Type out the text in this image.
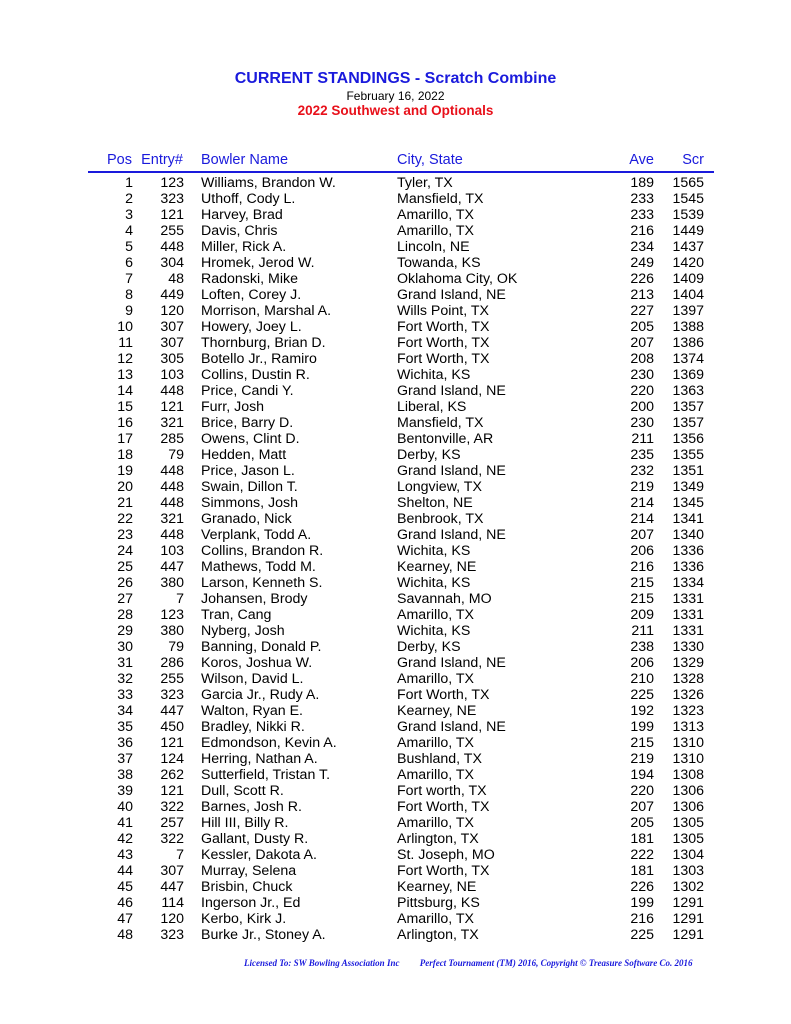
CURRENT STANDINGS - Scratch Combine
February 16, 2022
2022 Southwest and Optionals
Pos Entry# Bowler Name	City, State	Ave Scr
1 123 Williams, Brandon W.	Tyler, TX	189 1565
2 323 Uthoff, Cody L.	Mansfield, TX	233 1545
3 121 Harvey, Brad	Amarillo, TX	233 1539
4 255 Davis, Chris	Amarillo, TX	216 1449
5 448 Miller, Rick A.	Lincoln, NE	234 1437
6 304 Hromek, Jerod W.	Towanda, KS	249 1420
7 48 Radonski, Mike	Oklahoma City, OK	226 1409
8 449 Loften, Corey J.	Grand Island, NE	213 1404
9 120 Morrison, Marshal A.	Wills Point, TX	227 1397
10 307 Howery, Joey L.	Fort Worth, TX	205 1388
11 307 Thornburg, Brian D.	Fort Worth, TX	207 1386
12 305 Botello Jr., Ramiro	Fort Worth, TX	208 1374
13 103 Collins, Dustin R.	Wichita, KS	230 1369
14 448 Price, Candi Y.	Grand Island, NE	220 1363
15 121 Furr, Josh	Liberal, KS	200 1357
16 321 Brice, Barry D.	Mansfield, TX	230 1357
17 285 Owens, Clint D.	Bentonville, AR	211 1356
18 79 Hedden, Matt	Derby, KS	235 1355
19 448 Price, Jason L.	Grand Island, NE	232 1351
20 448 Swain, Dillon T.	Longview, TX	219 1349
21 448 Simmons, Josh	Shelton, NE	214 1345
22 321 Granado, Nick	Benbrook, TX	214 1341
23 448 Verplank, Todd A.	Grand Island, NE	207 1340
24 103 Collins, Brandon R.	Wichita, KS	206 1336
25 447 Mathews, Todd M.	Kearney, NE	216 1336
26 380 Larson, Kenneth S.	Wichita, KS	215 1334
27	7 Johansen, Brody	Savannah, MO	215 1331
28 123 Tran, Cang	Amarillo, TX	209 1331
29 380 Nyberg, Josh	Wichita, KS	211 1331
30 79 Banning, Donald P.	Derby, KS	238 1330
31 286 Koros, Joshua W.	Grand Island, NE	206 1329
32 255 Wilson, David L.	Amarillo, TX	210 1328
33 323 Garcia Jr., Rudy A.	Fort Worth, TX	225 1326
34 447 Walton, Ryan E.	Kearney, NE	192 1323
35 450 Bradley, Nikki R.	Grand Island, NE	199 1313
36 121 Edmondson, Kevin A.	Amarillo, TX	215 1310
37 124 Herring, Nathan A.	Bushland, TX	219 1310
38 262 Sutterfield, Tristan T.	Amarillo, TX	194 1308
39 121 Dull, Scott R.	Fort worth, TX	220 1306
40 322 Barnes, Josh R.	Fort Worth, TX	207 1306
41 257 Hill III, Billy R.	Amarillo, TX	205 1305
42 322 Gallant, Dusty R.	Arlington, TX	181 1305
43	7 Kessler, Dakota A.	St. Joseph, MO	222 1304
44 307 Murray, Selena	Fort Worth, TX	181 1303
45 447 Brisbin, Chuck	Kearney, NE	226 1302
46 114 Ingerson Jr., Ed	Pittsburg, KS	199 1291
47 120 Kerbo, Kirk J.	Amarillo, TX	216 1291
48 323 Burke Jr., Stoney A.	Arlington, TX	225 1291
Licensed To: SW Bowling Association Inc Perfect Tournament (TM) 2016, Copyright © Treasure Software Co. 2016
